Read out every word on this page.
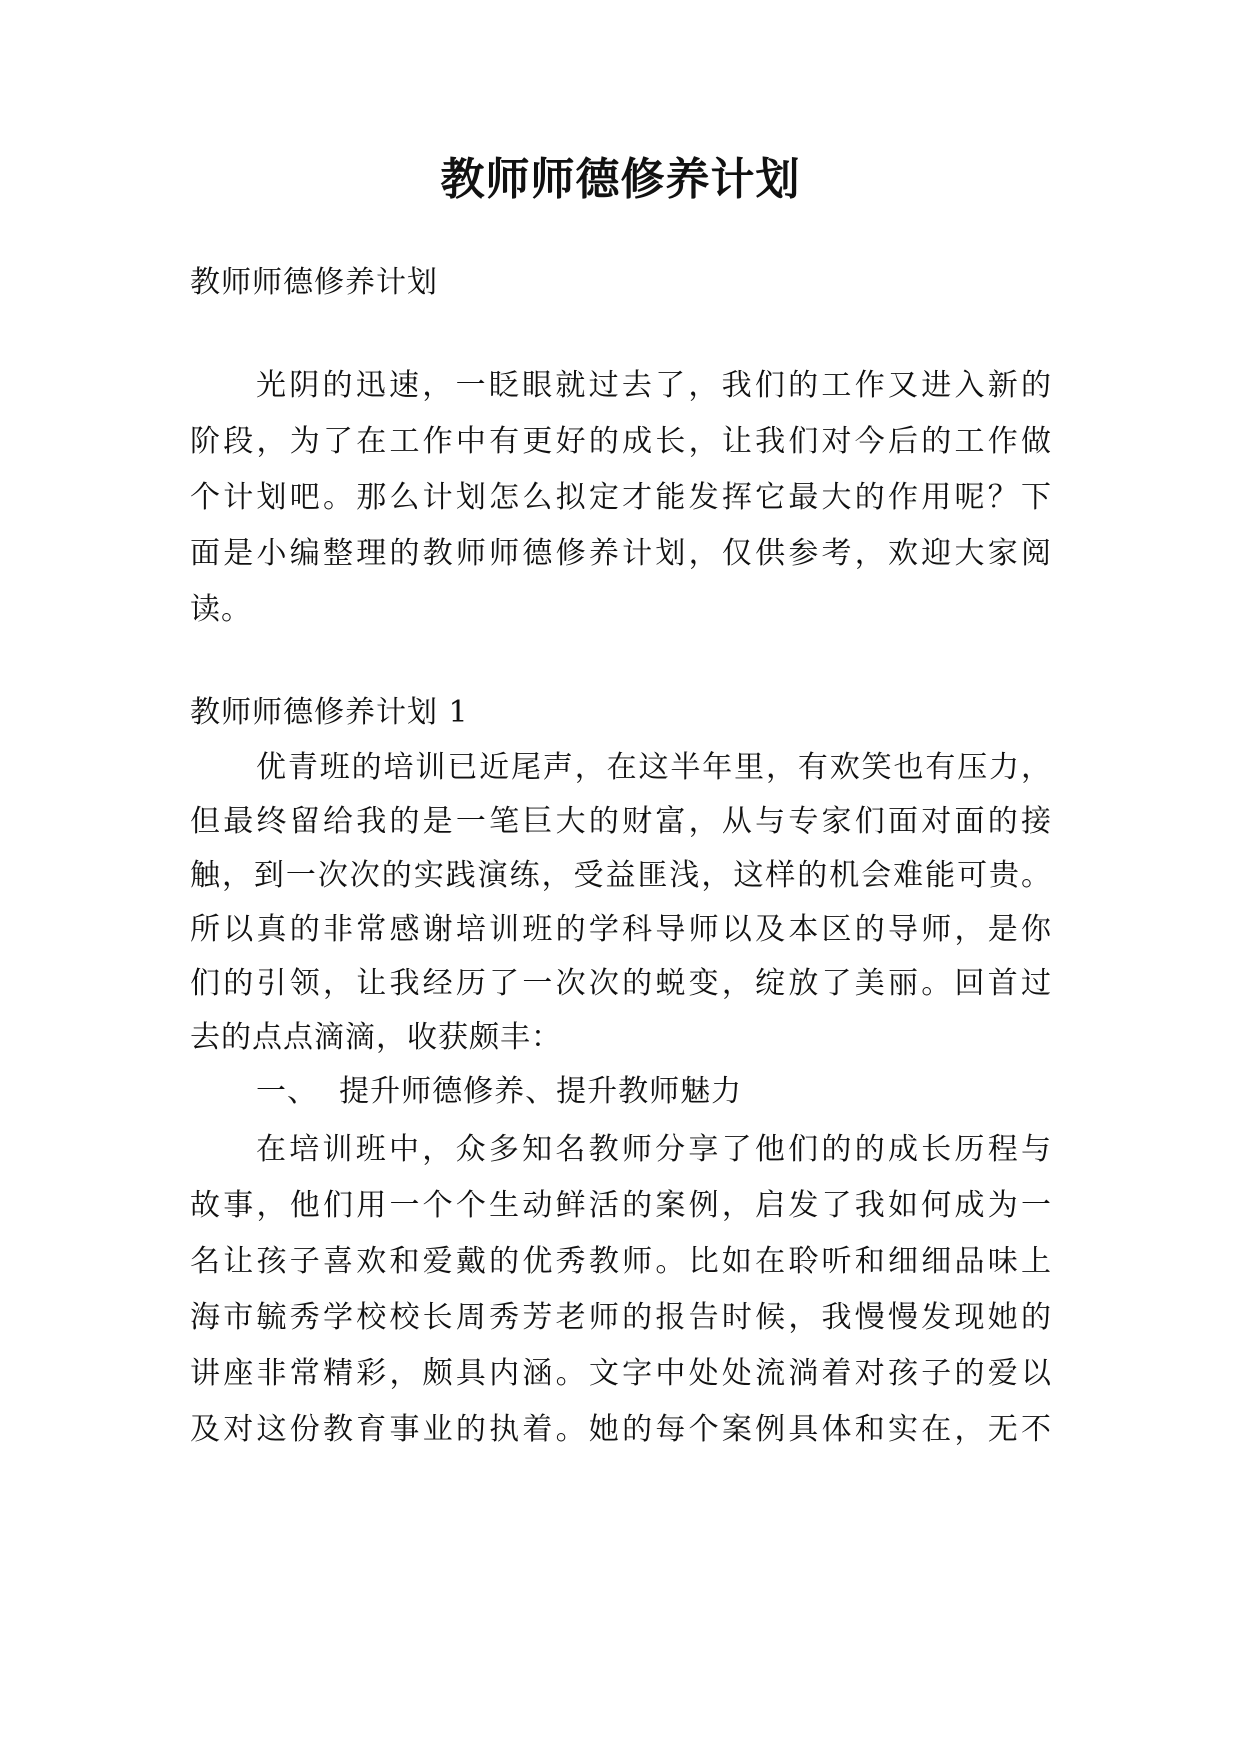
教师师德修养计划
教师师德修养计划
光阴的迅速，一眨眼就过去了，我们的工作又进入新的
阶段，为了在工作中有更好的成长，让我们对今后的工作做
个计划吧。那么计划怎么拟定才能发挥它最大的作用呢？下
面是小编整理的教师师德修养计划，仅供参考，欢迎大家阅
读。
教师师德修养计划 1
优青班的培训已近尾声，在这半年里，有欢笑也有压力，
但最终留给我的是一笔巨大的财富，从与专家们面对面的接
触，到一次次的实践演练，受益匪浅，这样的机会难能可贵。
所以真的非常感谢培训班的学科导师以及本区的导师，是你
们的引领，让我经历了一次次的蜕变，绽放了美丽。回首过
去的点点滴滴，收获颇丰：
一、  提升师德修养、提升教师魅力
在培训班中，众多知名教师分享了他们的的成长历程与
故事，他们用一个个生动鲜活的案例，启发了我如何成为一
名让孩子喜欢和爱戴的优秀教师。比如在聆听和细细品味上
海市毓秀学校校长周秀芳老师的报告时候，我慢慢发现她的
讲座非常精彩，颇具内涵。文字中处处流淌着对孩子的爱以
及对这份教育事业的执着。她的每个案例具体和实在，无不
